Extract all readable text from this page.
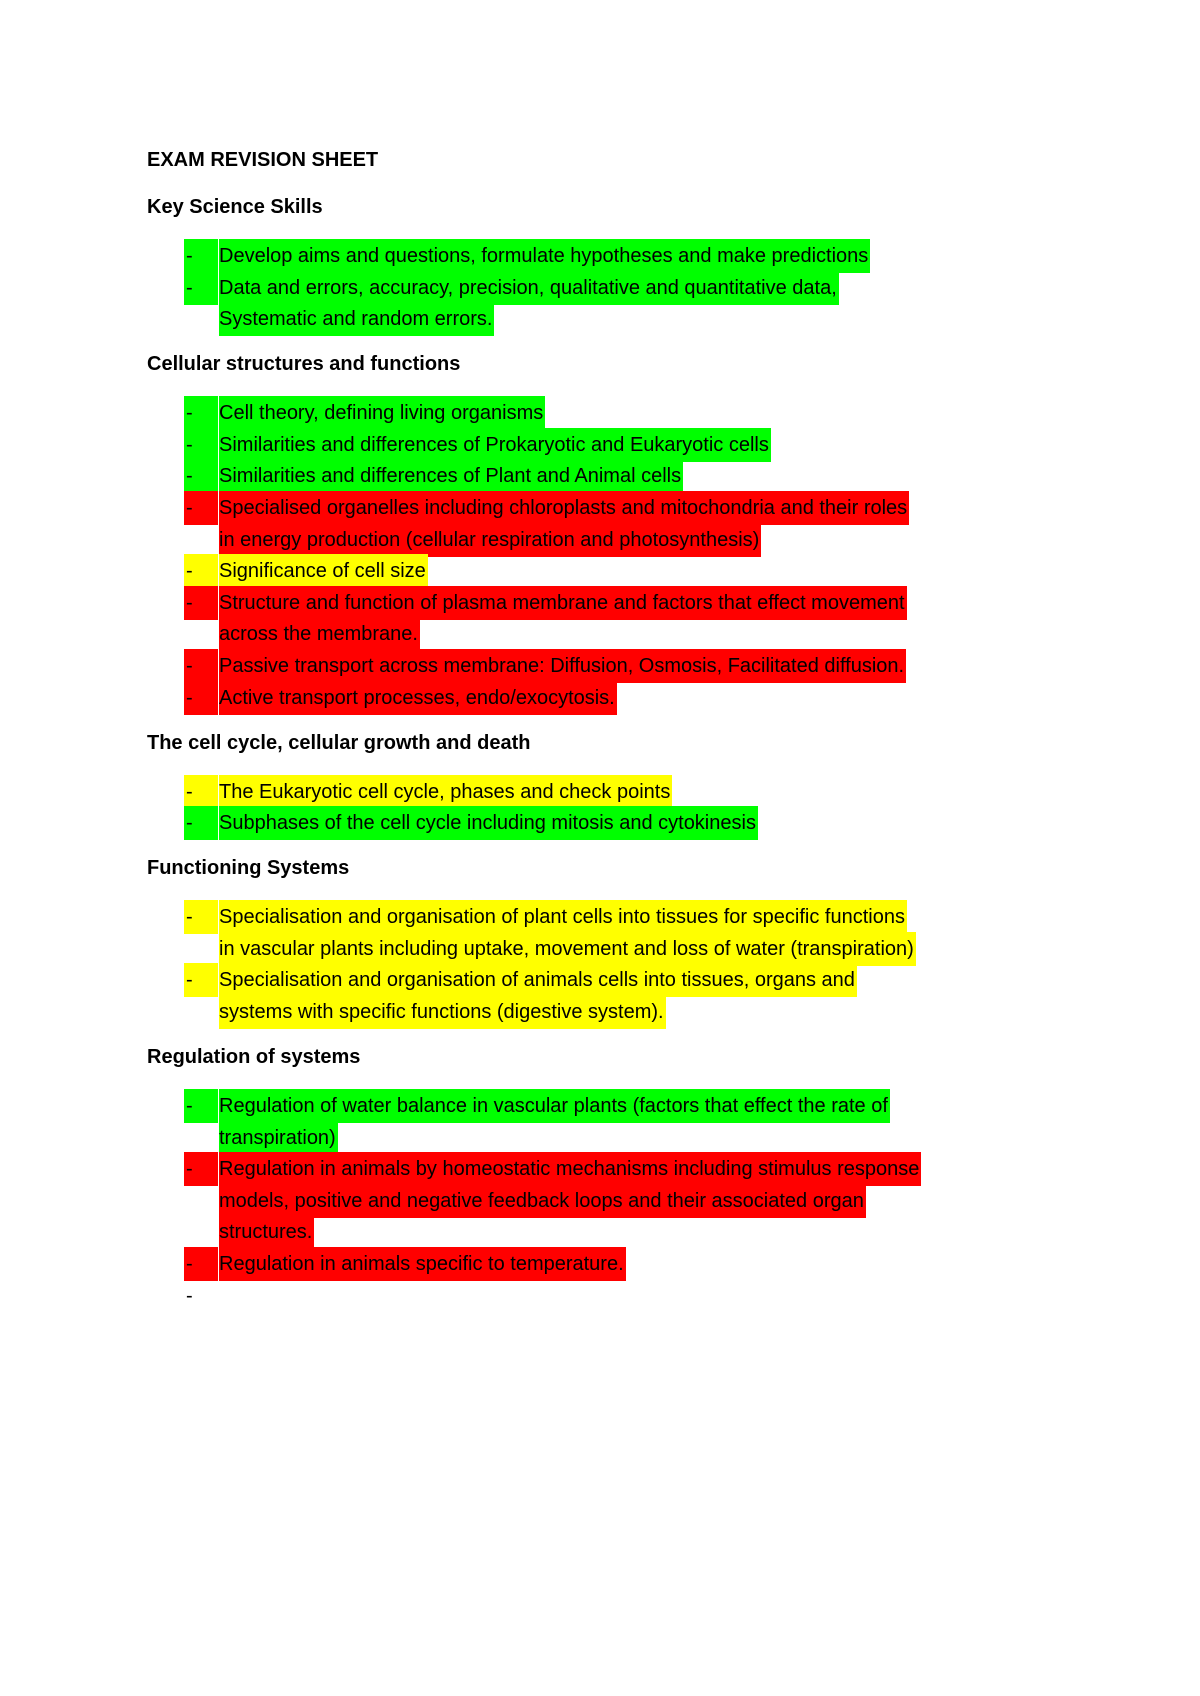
EXAM REVISION SHEET
Key Science Skills
-	Develop aims and questions, formulate hypotheses and make predictions
-	Data and errors, accuracy, precision, qualitative and quantitative data,
Systematic and random errors.
Cellular structures and functions
-	Cell theory, defining living organisms
-	Similarities and differences of Prokaryotic and Eukaryotic cells
-	Similarities and differences of Plant and Animal cells
-	Specialised organelles including chloroplasts and mitochondria and their roles
in energy production (cellular respiration and photosynthesis)
-	Significance of cell size
-	Structure and function of plasma membrane and factors that effect movement
across the membrane.
-	Passive transport across membrane: Diffusion, Osmosis, Facilitated diffusion.
-	Active transport processes, endo/exocytosis.
The cell cycle, cellular growth and death
-	The Eukaryotic cell cycle, phases and check points
-	Subphases of the cell cycle including mitosis and cytokinesis
Functioning Systems
-	Specialisation and organisation of plant cells into tissues for specific functions
in vascular plants including uptake, movement and loss of water (transpiration)
-	Specialisation and organisation of animals cells into tissues, organs and
systems with specific functions (digestive system).
Regulation of systems
-	Regulation of water balance in vascular plants (factors that effect the rate of
transpiration)
-	Regulation in animals by homeostatic mechanisms including stimulus response
models, positive and negative feedback loops and their associated organ
structures.
-	Regulation in animals specific to temperature.
-
